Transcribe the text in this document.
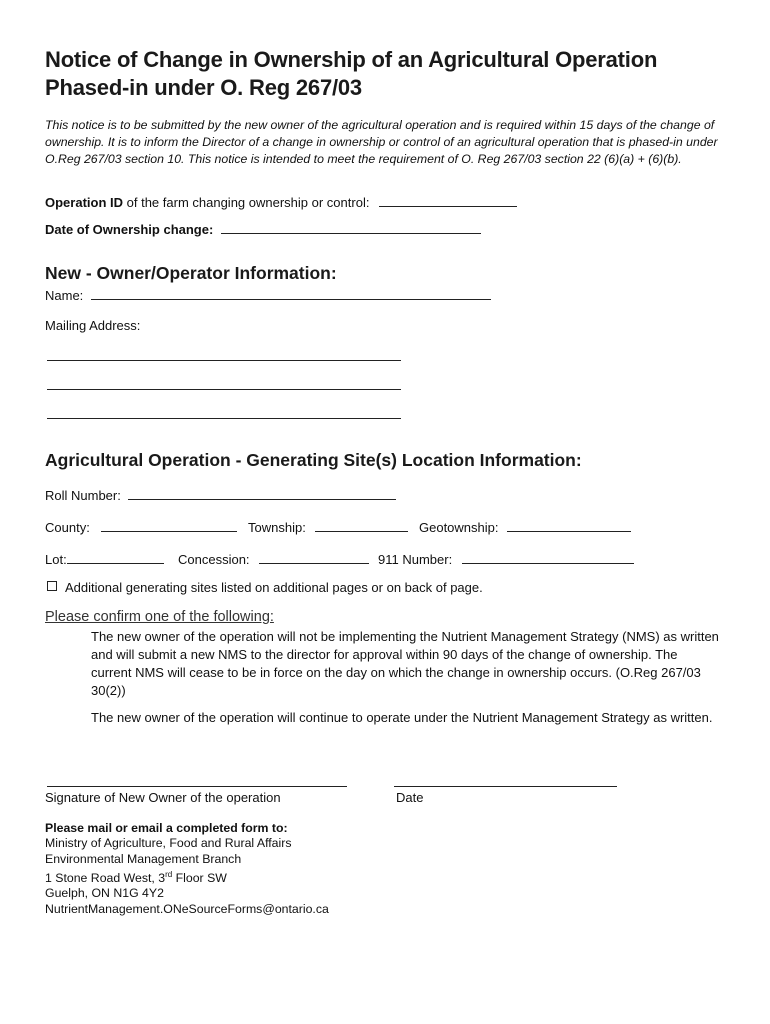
Notice of Change in Ownership of an Agricultural Operation
Phased-in under O. Reg 267/03
This notice is to be submitted by the new owner of the agricultural operation and is required within 15 days of the change of ownership. It is to inform the Director of a change in ownership or control of an agricultural operation that is phased-in under O.Reg 267/03 section 10. This notice is intended to meet the requirement of O. Reg 267/03 section 22 (6)(a) + (6)(b).
Operation ID of the farm changing ownership or control:
Date of Ownership change:
New - Owner/Operator Information:
Name:
Mailing Address:
Agricultural Operation - Generating Site(s) Location Information:
Roll Number:
County:	Township:	Geotownship:
Lot:	Concession:	911 Number:
Additional generating sites listed on additional pages or on back of page.
Please confirm one of the following:
The new owner of the operation will not be implementing the Nutrient Management Strategy (NMS) as written and will submit a new NMS to the director for approval within 90 days of the change of ownership. The current NMS will cease to be in force on the day on which the change in ownership occurs. (O.Reg 267/03 30(2))
The new owner of the operation will continue to operate under the Nutrient Management Strategy as written.
Signature of New Owner of the operation	Date
Please mail or email a completed form to:
Ministry of Agriculture, Food and Rural Affairs
Environmental Management Branch
1 Stone Road West, 3rd Floor SW
Guelph, ON N1G 4Y2
NutrientManagement.ONeSourceForms@ontario.ca
